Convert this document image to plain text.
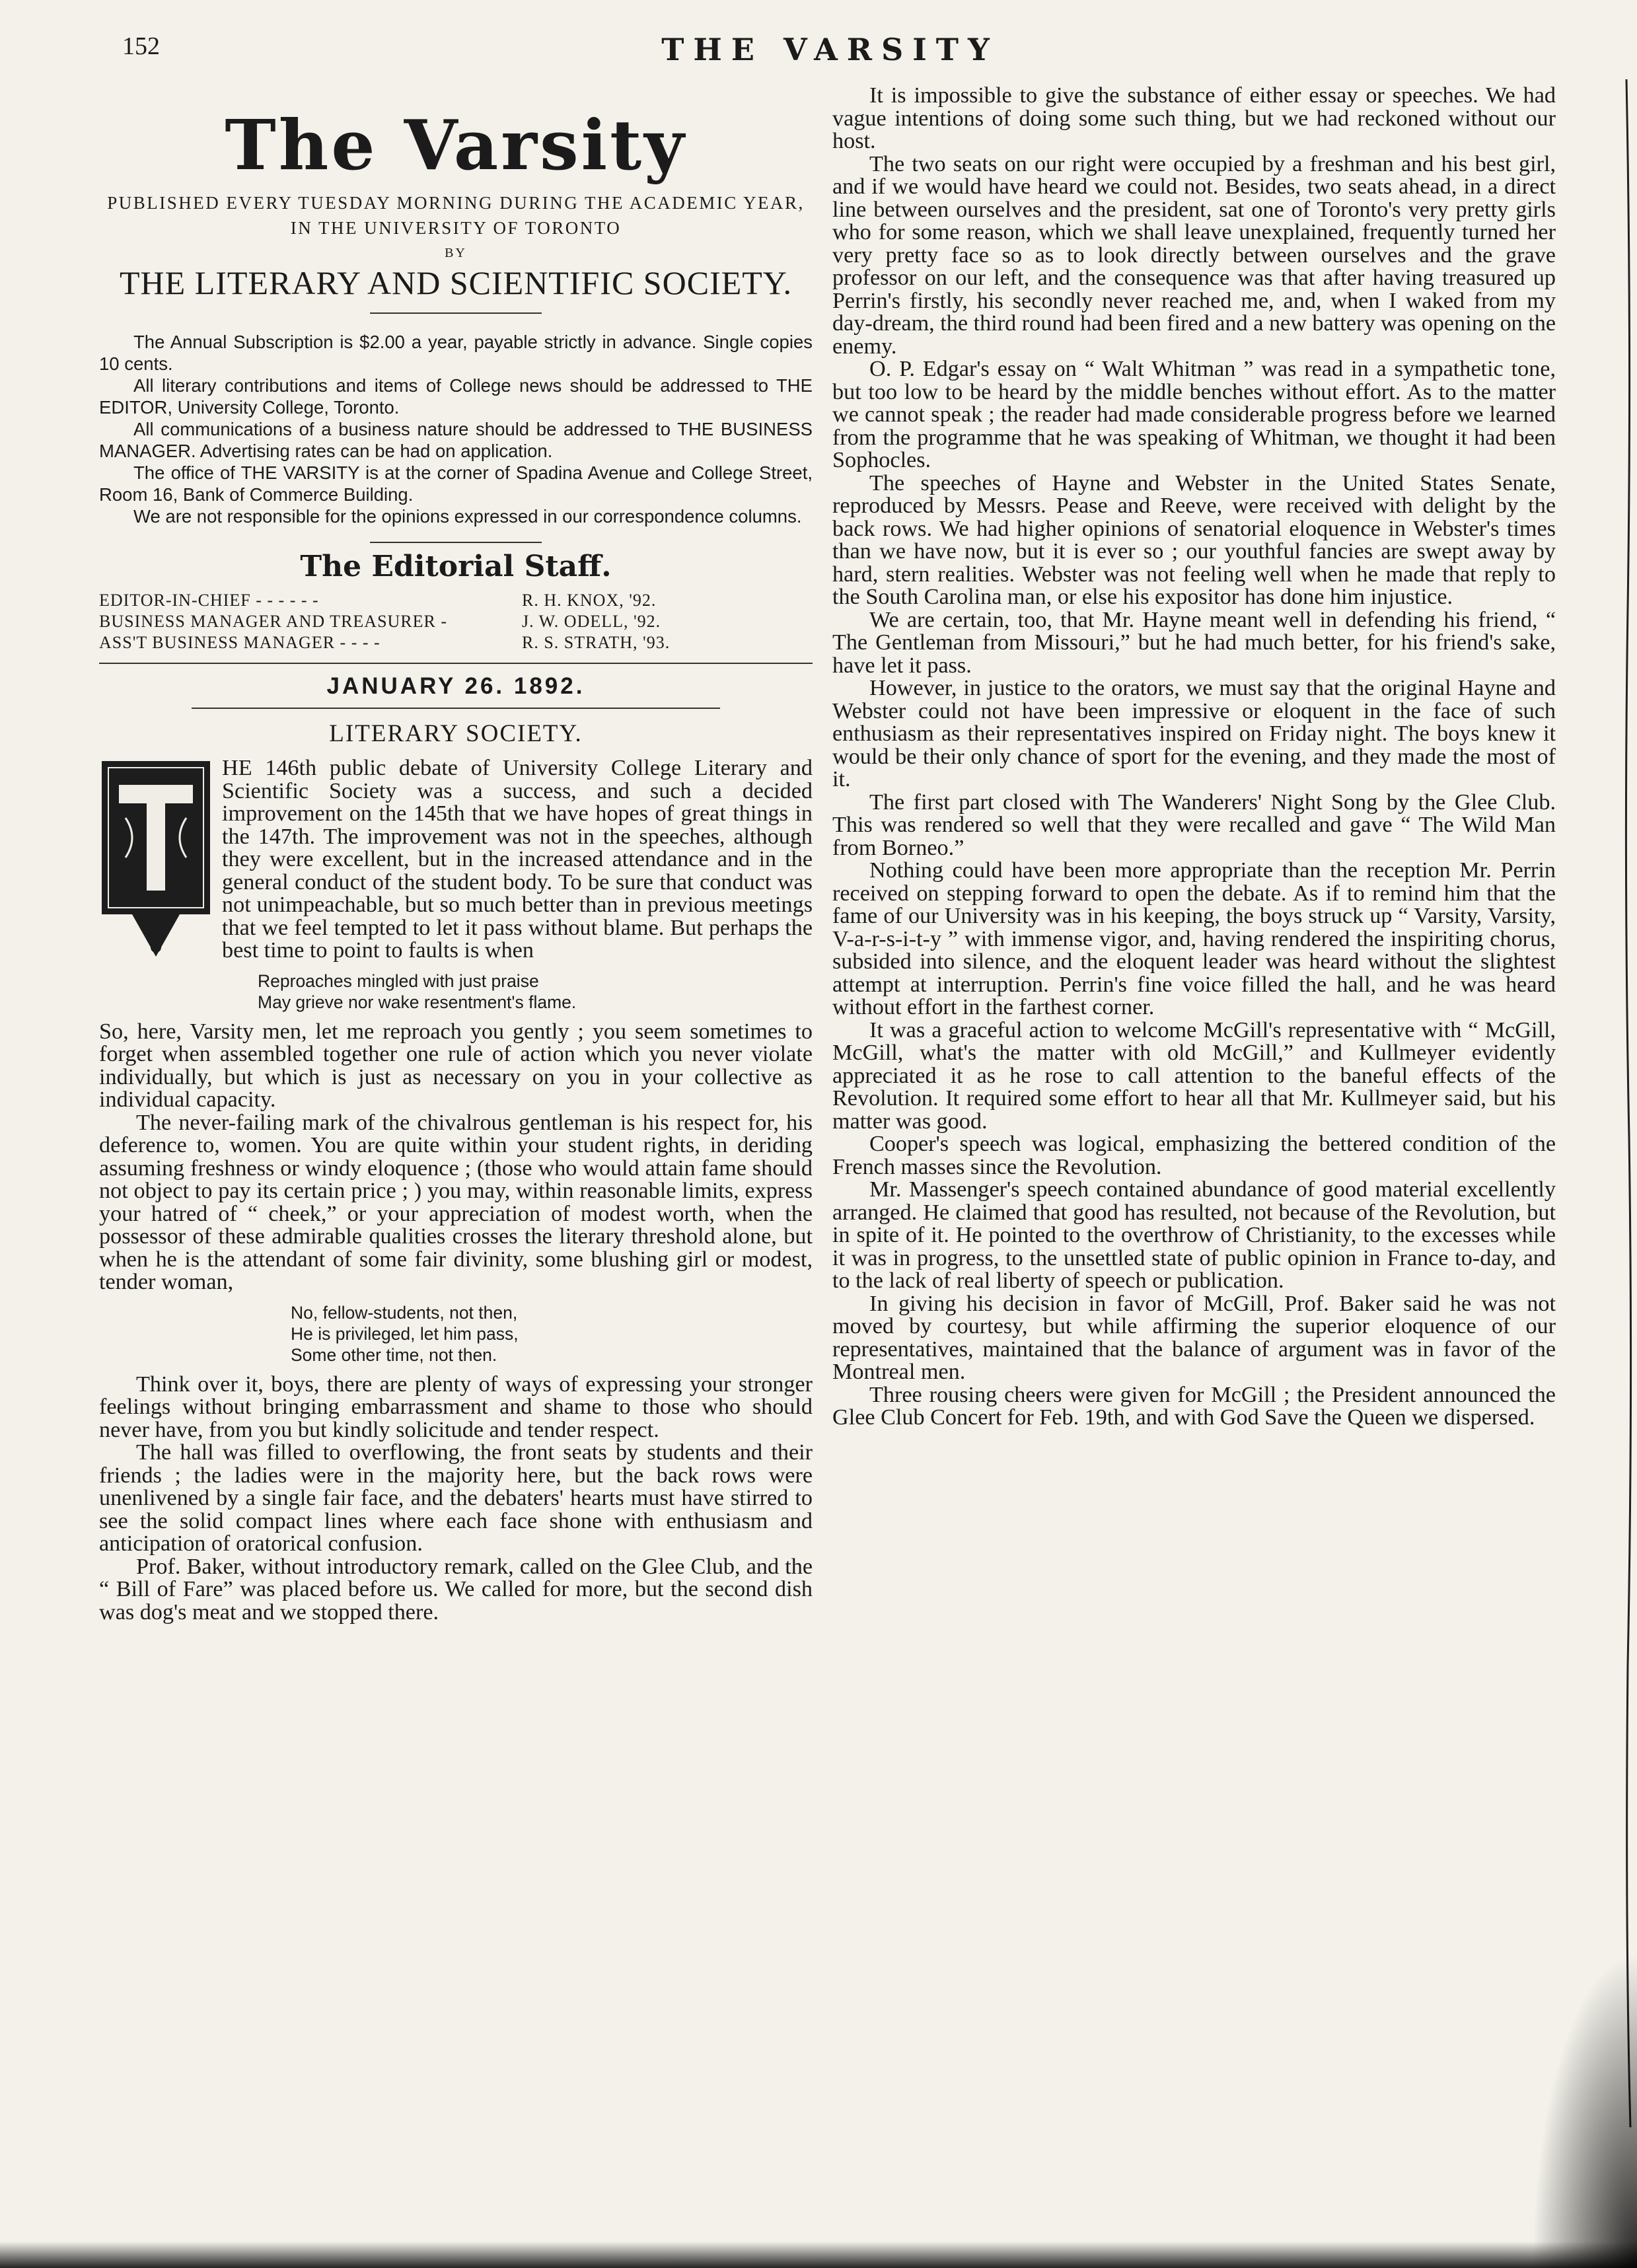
152	THE VARSITY
The Varsity
PUBLISHED EVERY TUESDAY MORNING DURING THE ACADEMIC YEAR, IN THE UNIVERSITY OF TORONTO
BY
THE LITERARY AND SCIENTIFIC SOCIETY.

The Annual Subscription is $2.00 a year, payable strictly in advance. Single copies 10 cents.

All literary contributions and items of College news should be addressed to THE EDITOR, University College, Toronto.

All communications of a business nature should be addressed to THE BUSINESS MANAGER. Advertising rates can be had on application.

The office of THE VARSITY is at the corner of Spadina Avenue and College Street, Room 16, Bank of Commerce Building.

We are not responsible for the opinions expressed in our correspondence columns.

The Editorial Staff.
EDITOR-IN-CHIEF - - - - - -	R. H. KNOX, '92.
BUSINESS MANAGER AND TREASURER -	J. W. ODELL, '92.
ASS'T BUSINESS MANAGER - - - -	R. S. STRATH, '93.
JANUARY 26. 1892.
LITERARY SOCIETY.

HE 146th public debate of University College Literary and Scientific Society was a success, and such a decided improvement on the 145th that we have hopes of great things in the 147th. The improvement was not in the speeches, although they were excellent, but in the increased attendance and in the general conduct of the student body. To be sure that conduct was not unimpeachable, but so much better than in previous meetings that we feel tempted to let it pass without blame. But perhaps the best time to point to faults is when

Reproaches mingled with just praise
May grieve nor wake resentment's flame.

So, here, Varsity men, let me reproach you gently ; you seem sometimes to forget when assembled together one rule of action which you never violate individually, but which is just as necessary on you in your collective as individual capacity.

The never-failing mark of the chivalrous gentleman is his respect for, his deference to, women. You are quite within your student rights, in deriding assuming freshness or windy eloquence ; (those who would attain fame should not object to pay its certain price ; ) you may, within reasonable limits, express your hatred of “ cheek,” or your appreciation of modest worth, when the possessor of these admirable qualities crosses the literary threshold alone, but when he is the attendant of some fair divinity, some blushing girl or modest, tender woman,

No, fellow-students, not then,
He is privileged, let him pass,
Some other time, not then.

Think over it, boys, there are plenty of ways of expressing your stronger feelings without bringing embarrassment and shame to those who should never have, from you but kindly solicitude and tender respect.

The hall was filled to overflowing, the front seats by students and their friends ; the ladies were in the majority here, but the back rows were unenlivened by a single fair face, and the debaters' hearts must have stirred to see the solid compact lines where each face shone with enthusiasm and anticipation of oratorical confusion.

Prof. Baker, without introductory remark, called on the Glee Club, and the “ Bill of Fare” was placed before us. We called for more, but the second dish was dog's meat and we stopped there.

It is impossible to give the substance of either essay or speeches. We had vague intentions of doing some such thing, but we had reckoned without our host.

The two seats on our right were occupied by a freshman and his best girl, and if we would have heard we could not. Besides, two seats ahead, in a direct line between ourselves and the president, sat one of Toronto's very pretty girls who for some reason, which we shall leave unexplained, frequently turned her very pretty face so as to look directly between ourselves and the grave professor on our left, and the consequence was that after having treasured up Perrin's firstly, his secondly never reached me, and, when I waked from my day-dream, the third round had been fired and a new battery was opening on the enemy.

O. P. Edgar's essay on “ Walt Whitman ” was read in a sympathetic tone, but too low to be heard by the middle benches without effort. As to the matter we cannot speak ; the reader had made considerable progress before we learned from the programme that he was speaking of Whitman, we thought it had been Sophocles.

The speeches of Hayne and Webster in the United States Senate, reproduced by Messrs. Pease and Reeve, were received with delight by the back rows. We had higher opinions of senatorial eloquence in Webster's times than we have now, but it is ever so ; our youthful fancies are swept away by hard, stern realities. Webster was not feeling well when he made that reply to the South Carolina man, or else his expositor has done him injustice.

We are certain, too, that Mr. Hayne meant well in defending his friend, “ The Gentleman from Missouri,” but he had much better, for his friend's sake, have let it pass.

However, in justice to the orators, we must say that the original Hayne and Webster could not have been impressive or eloquent in the face of such enthusiasm as their representatives inspired on Friday night. The boys knew it would be their only chance of sport for the evening, and they made the most of it.

The first part closed with The Wanderers' Night Song by the Glee Club. This was rendered so well that they were recalled and gave “ The Wild Man from Borneo.”

Nothing could have been more appropriate than the reception Mr. Perrin received on stepping forward to open the debate. As if to remind him that the fame of our University was in his keeping, the boys struck up “ Varsity, Varsity, V-a-r-s-i-t-y ” with immense vigor, and, having rendered the inspiriting chorus, subsided into silence, and the eloquent leader was heard without the slightest attempt at interruption. Perrin's fine voice filled the hall, and he was heard without effort in the farthest corner.

It was a graceful action to welcome McGill's representative with “ McGill, McGill, what's the matter with old McGill,” and Kullmeyer evidently appreciated it as he rose to call attention to the baneful effects of the Revolution. It required some effort to hear all that Mr. Kullmeyer said, but his matter was good.

Cooper's speech was logical, emphasizing the bettered condition of the French masses since the Revolution.

Mr. Massenger's speech contained abundance of good material excellently arranged. He claimed that good has resulted, not because of the Revolution, but in spite of it. He pointed to the overthrow of Christianity, to the excesses while it was in progress, to the unsettled state of public opinion in France to-day, and to the lack of real liberty of speech or publication.

In giving his decision in favor of McGill, Prof. Baker said he was not moved by courtesy, but while affirming the superior eloquence of our representatives, maintained that the balance of argument was in favor of the Montreal men.

Three rousing cheers were given for McGill ; the President announced the Glee Club Concert for Feb. 19th, and with God Save the Queen we dispersed.
